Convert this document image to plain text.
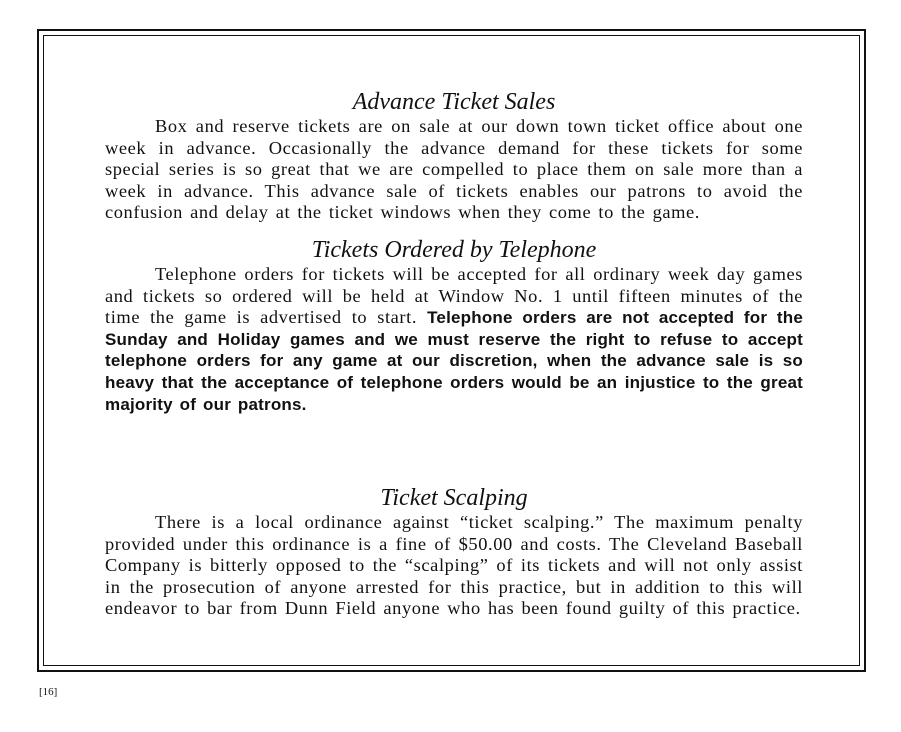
Advance Ticket Sales

Box and reserve tickets are on sale at our down town ticket office about one week in advance. Occasionally the advance demand for these tickets for some special series is so great that we are compelled to place them on sale more than a week in advance. This advance sale of tickets enables our patrons to avoid the confusion and delay at the ticket windows when they come to the game.

Tickets Ordered by Telephone

Telephone orders for tickets will be accepted for all ordinary week day games and tickets so ordered will be held at Window No. 1 until fifteen minutes of the time the game is advertised to start. Telephone orders are not accepted for the Sunday and Holiday games and we must reserve the right to refuse to accept telephone orders for any game at our discretion, when the advance sale is so heavy that the acceptance of telephone orders would be an injustice to the great majority of our patrons.

Ticket Scalping

There is a local ordinance against “ticket scalping.” The maximum penalty provided under this ordinance is a fine of $50.00 and costs. The Cleveland Baseball Company is bitterly opposed to the “scalping” of its tickets and will not only assist in the prosecution of anyone arrested for this practice, but in addition to this will endeavor to bar from Dunn Field anyone who has been found guilty of this practice.

[16]
